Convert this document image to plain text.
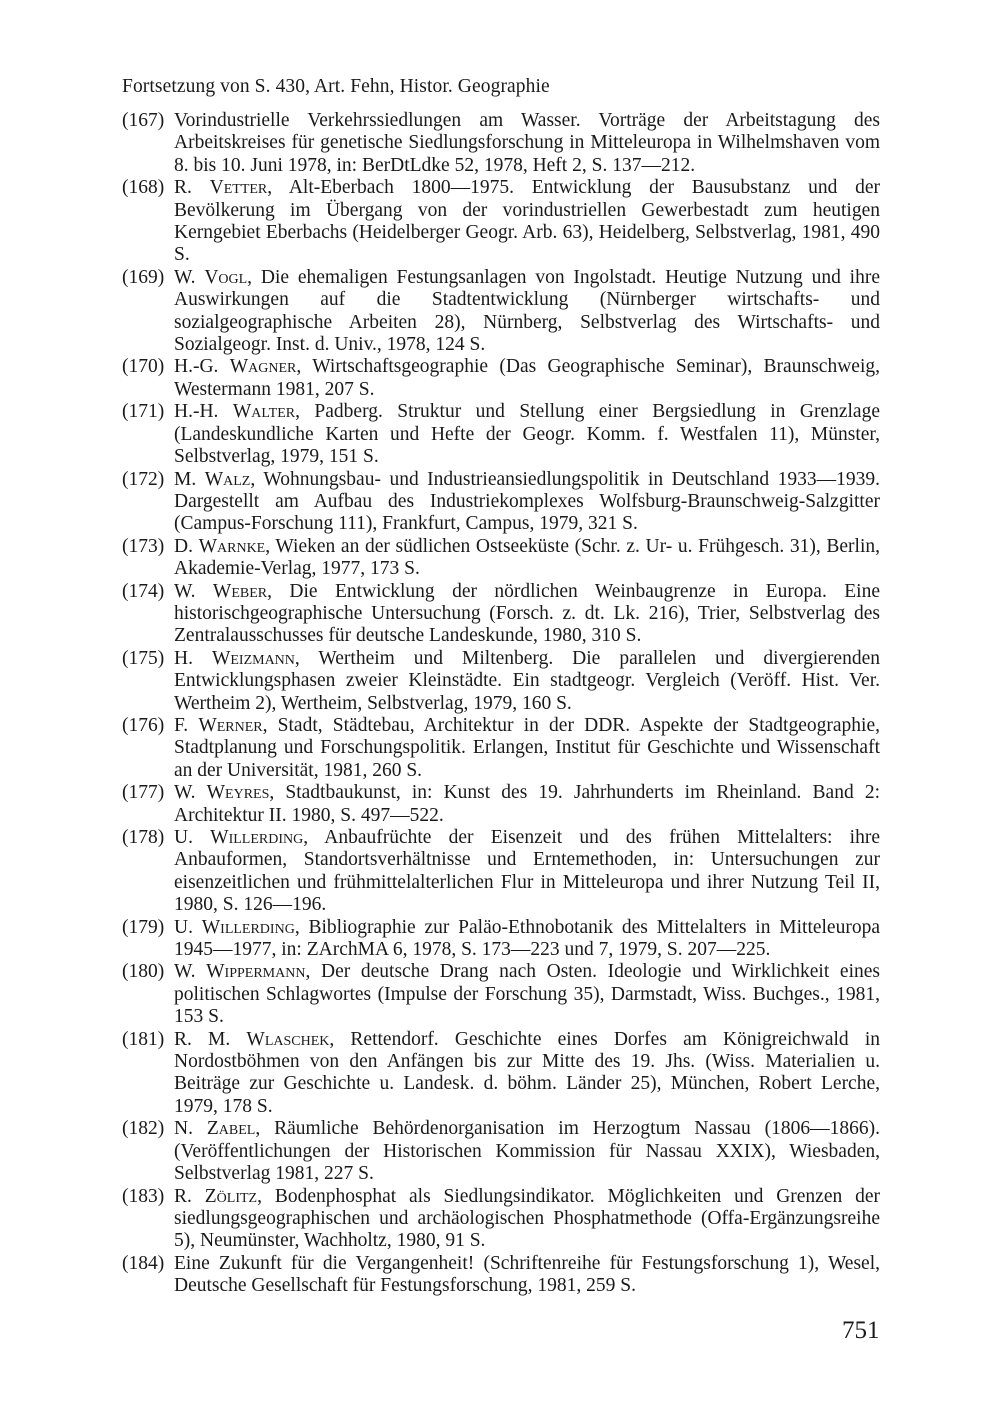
Fortsetzung von S. 430, Art. Fehn, Histor. Geographie

(167) Vorindustrielle Verkehrssiedlungen am Wasser. Vorträge der Arbeitstagung des Arbeitskreises für genetische Siedlungsforschung in Mitteleuropa in Wilhelmshaven vom 8. bis 10. Juni 1978, in: BerDtLdke 52, 1978, Heft 2, S. 137—212.
(168) R. Vetter, Alt-Eberbach 1800—1975. Entwicklung der Bausubstanz und der Bevölkerung im Übergang von der vorindustriellen Gewerbestadt zum heutigen Kerngebiet Eberbachs (Heidelberger Geogr. Arb. 63), Heidelberg, Selbstverlag, 1981, 490 S.
(169) W. Vogl, Die ehemaligen Festungsanlagen von Ingolstadt. Heutige Nutzung und ihre Auswirkungen auf die Stadtentwicklung (Nürnberger wirtschafts- und sozialgeographische Arbeiten 28), Nürnberg, Selbstverlag des Wirtschafts- und Sozialgeogr. Inst. d. Univ., 1978, 124 S.
(170) H.-G. Wagner, Wirtschaftsgeographie (Das Geographische Seminar), Braunschweig, Westermann 1981, 207 S.
(171) H.-H. Walter, Padberg. Struktur und Stellung einer Bergsiedlung in Grenzlage (Landeskundliche Karten und Hefte der Geogr. Komm. f. Westfalen 11), Münster, Selbstverlag, 1979, 151 S.
(172) M. Walz, Wohnungsbau- und Industrieansiedlungspolitik in Deutschland 1933—1939. Dargestellt am Aufbau des Industriekomplexes Wolfsburg-Braunschweig-Salzgitter (Campus-Forschung 111), Frankfurt, Campus, 1979, 321 S.
(173) D. Warnke, Wieken an der südlichen Ostseeküste (Schr. z. Ur- u. Frühgesch. 31), Berlin, Akademie-Verlag, 1977, 173 S.
(174) W. Weber, Die Entwicklung der nördlichen Weinbaugrenze in Europa. Eine historischgeographische Untersuchung (Forsch. z. dt. Lk. 216), Trier, Selbstverlag des Zentralausschusses für deutsche Landeskunde, 1980, 310 S.
(175) H. Weizmann, Wertheim und Miltenberg. Die parallelen und divergierenden Entwicklungsphasen zweier Kleinstädte. Ein stadtgeogr. Vergleich (Veröff. Hist. Ver. Wertheim 2), Wertheim, Selbstverlag, 1979, 160 S.
(176) F. Werner, Stadt, Städtebau, Architektur in der DDR. Aspekte der Stadtgeographie, Stadtplanung und Forschungspolitik. Erlangen, Institut für Geschichte und Wissenschaft an der Universität, 1981, 260 S.
(177) W. Weyres, Stadtbaukunst, in: Kunst des 19. Jahrhunderts im Rheinland. Band 2: Architektur II. 1980, S. 497—522.
(178) U. Willerding, Anbaufrüchte der Eisenzeit und des frühen Mittelalters: ihre Anbauformen, Standortsverhältnisse und Erntemethoden, in: Untersuchungen zur eisenzeitlichen und frühmittelalterlichen Flur in Mitteleuropa und ihrer Nutzung Teil II, 1980, S. 126—196.
(179) U. Willerding, Bibliographie zur Paläo-Ethnobotanik des Mittelalters in Mitteleuropa 1945—1977, in: ZArchMA 6, 1978, S. 173—223 und 7, 1979, S. 207—225.
(180) W. Wippermann, Der deutsche Drang nach Osten. Ideologie und Wirklichkeit eines politischen Schlagwortes (Impulse der Forschung 35), Darmstadt, Wiss. Buchges., 1981, 153 S.
(181) R. M. Wlaschek, Rettendorf. Geschichte eines Dorfes am Königreichwald in Nordostböhmen von den Anfängen bis zur Mitte des 19. Jhs. (Wiss. Materialien u. Beiträge zur Geschichte u. Landesk. d. böhm. Länder 25), München, Robert Lerche, 1979, 178 S.
(182) N. Zabel, Räumliche Behördenorganisation im Herzogtum Nassau (1806—1866). (Veröffentlichungen der Historischen Kommission für Nassau XXIX), Wiesbaden, Selbstverlag 1981, 227 S.
(183) R. Zölitz, Bodenphosphat als Siedlungsindikator. Möglichkeiten und Grenzen der siedlungsgeographischen und archäologischen Phosphatmethode (Offa-Ergänzungsreihe 5), Neumünster, Wachholtz, 1980, 91 S.
(184) Eine Zukunft für die Vergangenheit! (Schriftenreihe für Festungsforschung 1), Wesel, Deutsche Gesellschaft für Festungsforschung, 1981, 259 S.
751
